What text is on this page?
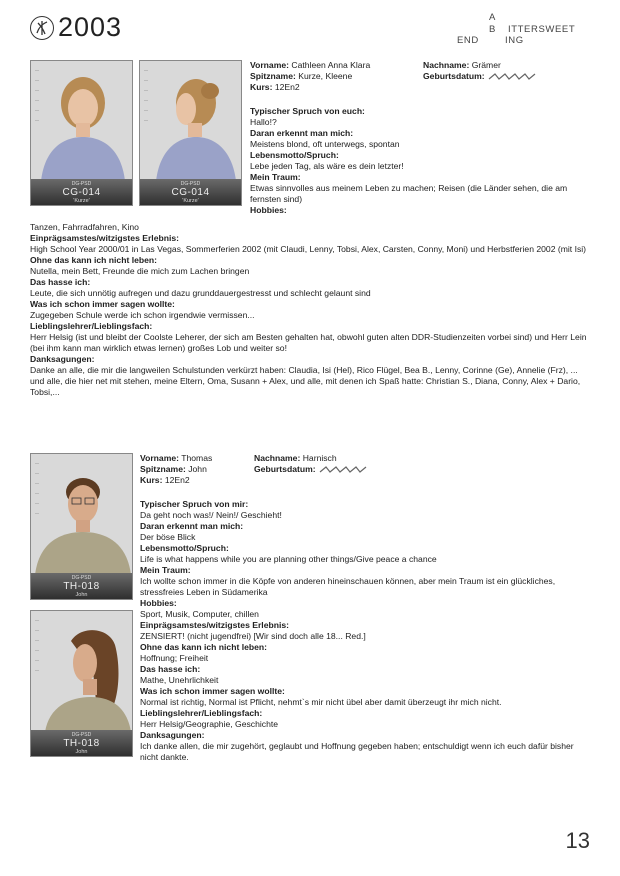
2003	A
B ITTERSWEET
END	ING
—
—
—
—
—
—
DG-PSD
CG-014
'Kurze'
—
—
—
—
—
—
DG-PSD
CG-014
'Kurze'
Vorname: Cathleen Anna Klara
Spitzname: Kurze, Kleene
Kurs: 12En2
Nachname: Grämer
Geburtsdatum:
Typischer Spruch von euch:
Hallo!?
Daran erkennt man mich:
Meistens blond, oft unterwegs, spontan
Lebensmotto/Spruch:
Lebe jeden Tag, als wäre es dein letzter!
Mein Traum:
Etwas sinnvolles aus meinem Leben zu machen; Reisen (die Länder sehen, die am fernsten sind)
Hobbies:
Tanzen, Fahrradfahren, Kino
Einprägsamstes/witzigstes Erlebnis:
High School Year 2000/01 in Las Vegas, Sommerferien 2002 (mit Claudi, Lenny, Tobsi, Alex, Carsten, Conny, Moni) und Herbstferien 2002 (mit Isi)
Ohne das kann ich nicht leben:
Nutella, mein Bett, Freunde die mich zum Lachen bringen
Das hasse ich:
Leute, die sich unnötig aufregen und dazu grunddauergestresst und schlecht gelaunt sind
Was ich schon immer sagen wollte:
Zugegeben Schule werde ich schon irgendwie vermissen...
Lieblingslehrer/Lieblingsfach:
Herr Helsig (ist und bleibt der Coolste Leherer, der sich am Besten gehalten hat, obwohl guten alten DDR-Studienzeiten vorbei sind) und Herr Lein (bei ihm kann man wirklich etwas lernen) großes Lob und weiter so!
Danksagungen:
Danke an alle, die mir die langweilen Schulstunden verkürzt haben: Claudia, Isi (Hel), Rico Flügel, Bea B., Lenny, Corinne (Ge), Annelie (Frz), ... und alle, die hier net mit stehen, meine Eltern, Oma, Susann + Alex, und alle, mit denen ich Spaß hatte: Christian S., Diana, Conny, Alex + Dario, Tobsi,...
—
—
—
—
—
—
DG-PSD
TH-018
John
—
—
—
—
—
—
DG-PSD
TH-018
John
Vorname: Thomas
Spitzname: John
Kurs: 12En2
Nachname: Harnisch
Geburtsdatum:
Typischer Spruch von mir:
Da geht noch was!/ Nein!/ Geschieht!
Daran erkennt man mich:
Der böse Blick
Lebensmotto/Spruch:
Life is what happens while you are planning other things/Give peace a chance
Mein Traum:
Ich wollte schon immer in die Köpfe von anderen hineinschauen können, aber mein Traum ist ein glückliches, stressfreies Leben in Südamerika
Hobbies:
Sport, Musik, Computer, chillen
Einprägsamstes/witzigstes Erlebnis:
ZENSIERT! (nicht jugendfrei) [Wir sind doch alle 18... Red.]
Ohne das kann ich nicht leben:
Hoffnung; Freiheit
Das hasse ich:
Mathe, Unehrlichkeit
Was ich schon immer sagen wollte:
Normal ist richtig, Normal ist Pflicht, nehmt`s mir nicht übel aber damit überzeugt ihr mich nicht.
Lieblingslehrer/Lieblingsfach:
Herr Helsig/Geographie, Geschichte
Danksagungen:
Ich danke allen, die mir zugehört, geglaubt und Hoffnung gegeben haben; entschuldigt wenn ich euch dafür bisher nicht dankte.
13
